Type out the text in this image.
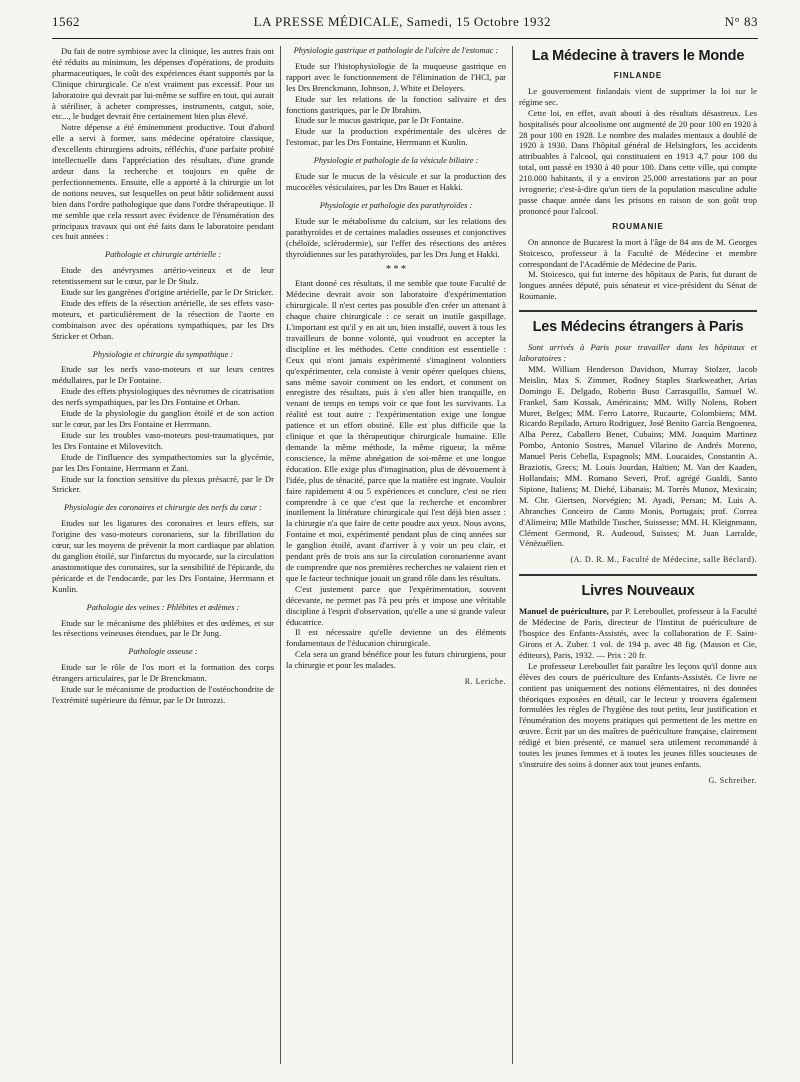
1562	LA PRESSE MÉDICALE, Samedi, 15 Octobre 1932	N° 83

Du fait de notre symbiose avec la clinique, les autres frais ont été réduits au minimum, les dépenses d'opérations, de produits pharmaceutiques, le coût des expériences étant supportés par la Clinique chirurgicale. Ce n'est vraiment pas excessif. Pour un laboratoire qui devrait par lui-même se suffire en tout, qui aurait à stériliser, à acheter compresses, instruments, catgut, soie, etc..., le budget devrait être certainement bien plus élevé.

Notre dépense a été éminemment productive. Tout d'abord elle a servi à former, sans médecine opératoire classique, d'excellents chirurgiens adroits, réfléchis, d'une parfaite probité intellectuelle dans l'appréciation des résultats, d'une grande ardeur dans la recherche et toujours en quête de perfectionnements. Ensuite, elle a apporté à la chirurgie un lot de notions neuves, sur lesquelles on peut bâtir solidement aussi bien dans l'ordre pathologique que dans l'ordre thérapeutique. Il me semble que cela ressort avec évidence de l'énumération des principaux travaux qui ont été faits dans le laboratoire pendant ces huit années :

Pathologie et chirurgie artérielle :

Etude des anévrysmes artério-veineux et de leur retentissement sur le cœur, par le Dr Stulz.

Etude sur les gangrènes d'origine artérielle, par le Dr Stricker.

Etude des effets de la résection artérielle, de ses effets vaso-moteurs, et particulièrement de la résection de l'aorte en combinaison avec des opérations sympathiques, par les Drs Stricker et Orban.

Physiologie et chirurgie du sympathique :

Etude sur les nerfs vaso-moteurs et sur leurs centres médullaires, par le Dr Fontaine.

Etude des effets physiologiques des névromes de cicatrisation des nerfs sympathiques, par les Drs Fontaine et Orban.

Etude de la physiologie du ganglion étoilé et de son action sur le cœur, par les Drs Fontaine et Herrmann.

Etude sur les troubles vaso-moteurs post-traumatiques, par les Drs Fontaine et Milovevitch.

Etude de l'influence des sympathectomies sur la glycémie, par les Drs Fontaine, Herrmann et Zani.

Etude sur la fonction sensitive du plexus présacré, par le Dr Stricker.

Physiologie des coronaires et chirurgie des nerfs du cœur :

Etudes sur les ligatures des coronaires et leurs effets, sur l'origine des vaso-moteurs coronariens, sur la fibrillation du cœur, sur les moyens de prévenir la mort cardiaque par ablation du ganglion étoilé, sur l'infarctus du myocarde, sur la circulation anastomotique des coronaires, sur la sensibilité de l'épicarde, du péricarde et de l'endocarde, par les Drs Fontaine, Herrmann et Kunlin.

Pathologie des veines : Phlébites et œdèmes :

Etude sur le mécanisme des phlébites et des œdèmes, et sur les résections veineuses étendues, par le Dr Jung.

Pathologie osseuse :

Etude sur le rôle de l'os mort et la formation des corps étrangers articulaires, par le Dr Brenckmann.

Etude sur le mécanisme de production de l'ostéochondrite de l'extrémité supérieure du fémur, par le Dr Introzzi.

Physiologie gastrique et pathologie de l'ulcère de l'estomac :

Etude sur l'histophysiologie de la muqueuse gastrique en rapport avec le fonctionnement de l'élimination de l'HCl, par les Drs Brenckmann, Johnson, J. White et Deloyers.

Etude sur les relations de la fonction salivaire et des fonctions gastriques, par le Dr Ibrahim.

Etude sur le mucus gastrique, par le Dr Fontaine.

Etude sur la production expérimentale des ulcères de l'estomac, par les Drs Fontaine, Herrmann et Kunlin.

Physiologie et pathologie de la vésicule biliaire :

Etude sur le mucus de la vésicule et sur la production des mucocèles vésiculaires, par les Drs Bauer et Hakki.

Physiologie et pathologie des parathyroïdes :

Etude sur le métabolisme du calcium, sur les relations des parathyroïdes et de certaines maladies osseuses et conjonctives (chéloïde, sclérodermie), sur l'effet des résections des artères thyroïdiennes sur les parathyroïdes, par les Drs Jung et Hakki.

* * *

Etant donné ces résultats, il me semble que toute Faculté de Médecine devrait avoir son laboratoire d'expérimentation chirurgicale. Il n'est certes pas possible d'en créer un attenant à chaque chaire chirurgicale : ce serait un inutile gaspillage. L'important est qu'il y en ait un, bien installé, ouvert à tous les travailleurs de bonne volonté, qui voudront en accepter la discipline et les méthodes. Cette condition est essentielle : Ceux qui n'ont jamais expérimenté s'imaginent volontiers qu'expérimenter, cela consiste à venir opérer quelques chiens, sans même savoir comment on les endort, et comment on enregistre des résultats, puis à s'en aller bien tranquille, en venant de temps en temps voir ce que font les survivants. La réalité est tout autre : l'expérimentation exige une longue patience et un effort obstiné. Elle est plus difficile que la clinique et que la thérapeutique chirurgicale humaine. Elle demande la même méthode, la même rigueur, la même conscience, la même abnégation de soi-même et une longue éducation. Elle exige plus d'imagination, plus de dévouement à l'idée, plus de ténacité, parce que la matière est ingrate. Vouloir faire rapidement 4 ou 5 expériences et conclure, c'est ne rien comprendre à ce que c'est que la recherche et encombrer inutilement la littérature chirurgicale qui l'est déjà bien assez : la chirurgie n'a que faire de cette poudre aux yeux. Nous avons, Fontaine et moi, expérimenté pendant plus de cinq années sur le ganglion étoilé, avant d'arriver à y voir un peu clair, et pendant près de trois ans sur la circulation coronarienne avant de comprendre que nos premières recherches ne valaient rien et que le facteur technique jouait un grand rôle dans les résultats.

C'est justement parce que l'expérimentation, souvent décevante, ne permet pas l'à peu près et impose une véritable discipline à l'esprit d'observation, qu'elle a une si grande valeur éducatrice.

Il est nécessaire qu'elle devienne un des éléments fondamentaux de l'éducation chirurgicale.

Cela sera un grand bénéfice pour les futurs chirurgiens, pour la chirurgie et pour les malades.

R. Leriche.
La Médecine à travers le Monde
FINLANDE

Le gouvernement finlandais vient de supprimer la loi sur le régime sec.

Cette loi, en effet, avait abouti à des résultats désastreux. Les hospitalisés pour alcoolisme ont augmenté de 20 pour 100 en 1920 à 28 pour 100 en 1928. Le nombre des malades mentaux a doublé de 1920 à 1930. Dans l'hôpital général de Helsingfors, les accidents attribuables à l'alcool, qui constituaient en 1913 4,7 pour 100 du total, ont passé en 1930 à 40 pour 100. Dans cette ville, qui compte 210.000 habitants, il y a environ 25.000 arrestations par an pour ivrognerie; c'est-à-dire qu'un tiers de la population masculine adulte passe chaque année dans les prisons en raison de son goût trop prononcé pour l'alcool.

ROUMANIE

On annonce de Bucarest la mort à l'âge de 84 ans de M. Georges Stoicesco, professeur à la Faculté de Médecine et membre correspondant de l'Académie de Médecine de Paris.

M. Stoicesco, qui fut interne des hôpitaux de Paris, fut durant de longues années député, puis sénateur et vice-président du Sénat de Roumanie.

Les Médecins étrangers à Paris

Sont arrivés à Paris pour travailler dans les hôpitaux et laboratoires :

MM. William Henderson Davidson, Murray Stolzer, Jacob Meislin, Max S. Zimmer, Rodney Staples Starkweather, Arias Domingo E. Delgado, Roberto Buso Carrasquillo, Samuel W. Frankel, Sam Kossak, Américains; MM. Willy Nolens, Robert Muret, Belges; MM. Ferro Latorre, Rucaurte, Colombiens; MM. Ricardo Repilado, Arturo Rodriguez, José Benito García Bengoenea, Alba Perez, Caballero Benet, Cubains; MM. Joaquim Martinez Pombo, Antonio Sostres, Manuel Vilarino de Andrés Moreno, Manuel Peris Cebella, Espagnols; MM. Loucaides, Constantin A. Braziotis, Grecs; M. Louis Jourdan, Haïtien; M. Van der Kaaden, Hollandais; MM. Romano Severi, Prof. agrégé Gualdi, Santo Sipione, Italiens; M. Diehé, Libanais; M. Torrès Munoz, Mexicain; M. Chr. Giertsen, Norvégien; M. Ayadi, Persan; M. Luis A. Abranches Conceiro de Canto Monis, Portugais; prof. Correa d'Alimeira; Mlle Mathilde Tuscher, Suissesse; MM. H. Kleignmann, Clément Germond, R. Audeoud, Suisses; M. Juan Larralde, Vénézuélien.

(A. D. R. M., Faculté de Médecine, salle Béclard).
Livres Nouveaux

Manuel de puériculture, par P. Lereboullet, professeur à la Faculté de Médecine de Paris, directeur de l'Institut de puériculture de l'hospice des Enfants-Assistés, avec la collaboration de F. Saint-Girons et A. Zuber. 1 vol. de 194 p. avec 48 fig. (Masson et Cie, éditeurs), Paris, 1932. — Prix : 20 fr.

Le professeur Lereboullet fait paraître les leçons qu'il donne aux élèves des cours de puériculture des Enfants-Assistés. Ce livre ne contient pas uniquement des notions élémentaires, ni des données théoriques exposées en détail, car le lecteur y trouvera également formulées les règles de l'hygiène des tout petits, leur justification et l'énumération des moyens pratiques qui permettent de les mettre en œuvre. Écrit par un des maîtres de puériculture française, clairement rédigé et bien présenté, ce manuel sera utilement recommandé à toutes les jeunes femmes et à toutes les jeunes filles soucieuses de s'instruire des soins à donner aux tout jeunes enfants.

G. Schreiber.
